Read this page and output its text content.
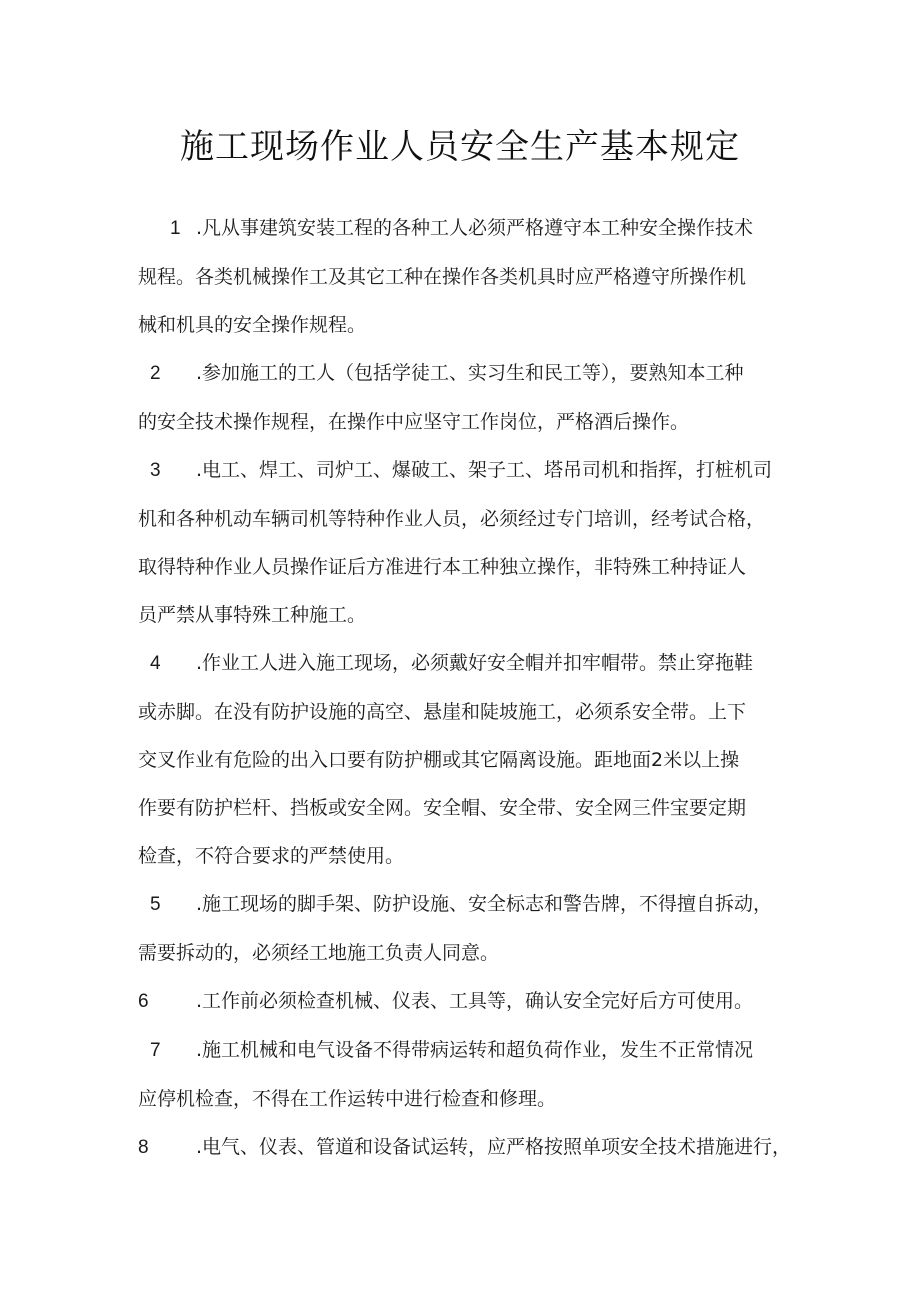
施工现场作业人员安全生产基本规定

1 .凡从事建筑安装工程的各种工人必须严格遵守本工种安全操作技术

规程。各类机械操作工及其它工种在操作各类机具时应严格遵守所操作机

械和机具的安全操作规程。

2 .参加施工的工人（包括学徒工、实习生和民工等），要熟知本工种

的安全技术操作规程，在操作中应坚守工作岗位，严格酒后操作。

3 .电工、焊工、司炉工、爆破工、架子工、塔吊司机和指挥，打桩机司

机和各种机动车辆司机等特种作业人员，必须经过专门培训，经考试合格，

取得特种作业人员操作证后方准进行本工种独立操作，非特殊工种持证人

员严禁从事特殊工种施工。

4 .作业工人进入施工现场，必须戴好安全帽并扣牢帽带。禁止穿拖鞋

或赤脚。在没有防护设施的高空、悬崖和陡坡施工，必须系安全带。上下

交叉作业有危险的出入口要有防护棚或其它隔离设施。距地面2米以上操

作要有防护栏杆、挡板或安全网。安全帽、安全带、安全网三件宝要定期

检查，不符合要求的严禁使用。

5 .施工现场的脚手架、防护设施、安全标志和警告牌，不得擅自拆动，

需要拆动的，必须经工地施工负责人同意。

6 .工作前必须检查机械、仪表、工具等，确认安全完好后方可使用。

7 .施工机械和电气设备不得带病运转和超负荷作业，发生不正常情况

应停机检查，不得在工作运转中进行检查和修理。

8 .电气、仪表、管道和设备试运转，应严格按照单项安全技术措施进行，
